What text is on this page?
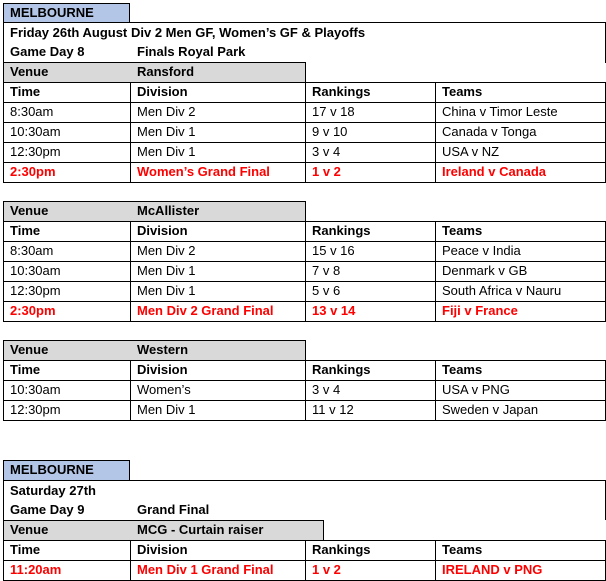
MELBOURNE
Friday 26th August Div 2 Men GF, Women’s GF & Playoffs
Game Day 8	Finals Royal Park
Venue	Ransford
Time	Division	Rankings	Teams
8:30am	Men Div 2	17 v 18	China v Timor Leste
10:30am	Men Div 1	9 v 10	Canada v Tonga
12:30pm	Men Div 1	3 v 4	USA v NZ
2:30pm	Women’s Grand Final	1 v 2	Ireland v Canada
Venue	McAllister
Time	Division	Rankings	Teams
8:30am	Men Div 2	15 v 16	Peace v India
10:30am	Men Div 1	7 v 8	Denmark v GB
12:30pm	Men Div 1	5 v 6	South Africa v Nauru
2:30pm	Men Div 2 Grand Final	13 v 14	Fiji v France
Venue	Western
Time	Division	Rankings	Teams
10:30am	Women’s	3 v 4	USA v PNG
12:30pm	Men Div 1	11 v 12	Sweden v Japan
MELBOURNE
Saturday 27th
Game Day 9	Grand Final
Venue	MCG - Curtain raiser
Time	Division	Rankings	Teams
11:20am	Men Div 1 Grand Final	1 v 2	IRELAND v PNG
